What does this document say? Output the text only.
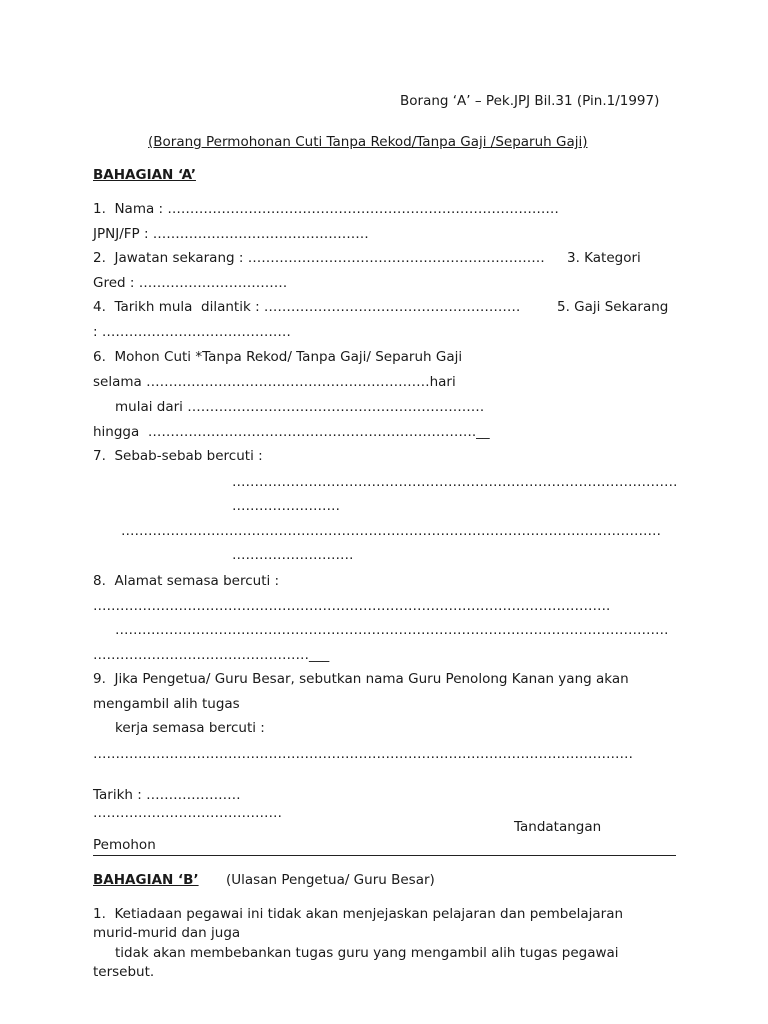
Borang ‘A’ – Pek.JPJ Bil.31 (Pin.1/1997)
(Borang Permohonan Cuti Tanpa Rekod/Tanpa Gaji /Separuh Gaji)
BAHAGIAN ‘A’
1.  Nama : ……………………………………………………………………………
JPNJ/FP : …………………………………………
2.  Jawatan sekarang : ………………………………………………………… 3. Kategori
Gred : ……………………………
4.  Tarikh mula  dilantik : …………………………………………………	5. Gaji Sekarang
: ……………………………………
6.  Mohon Cuti *Tanpa Rekod/ Tanpa Gaji/ Separuh Gaji
selama ………………………………………………………hari
mulai dari …………………………………………………………
hingga  ……………………………………………………………….__
7.  Sebab-sebab bercuti :
………………………………………………………………………………………
……………………
…………………………………………………………………………………………………………
………………………
8.  Alamat semasa bercuti :
…………………………………………………………………………………………………….
……………………………………………………………………………………………………………
…………………………………………___
9.  Jika Pengetua/ Guru Besar, sebutkan nama Guru Penolong Kanan yang akan
mengambil alih tugas
kerja semasa bercuti :
…………………………………………………………………………………………………………
Tarikh : …………………
……………………………………
Tandatangan
Pemohon
BAHAGIAN ‘B’ (Ulasan Pengetua/ Guru Besar)
1.  Ketiadaan pegawai ini tidak akan menjejaskan pelajaran dan pembelajaran
murid-murid dan juga
tidak akan membebankan tugas guru yang mengambil alih tugas pegawai
tersebut.
